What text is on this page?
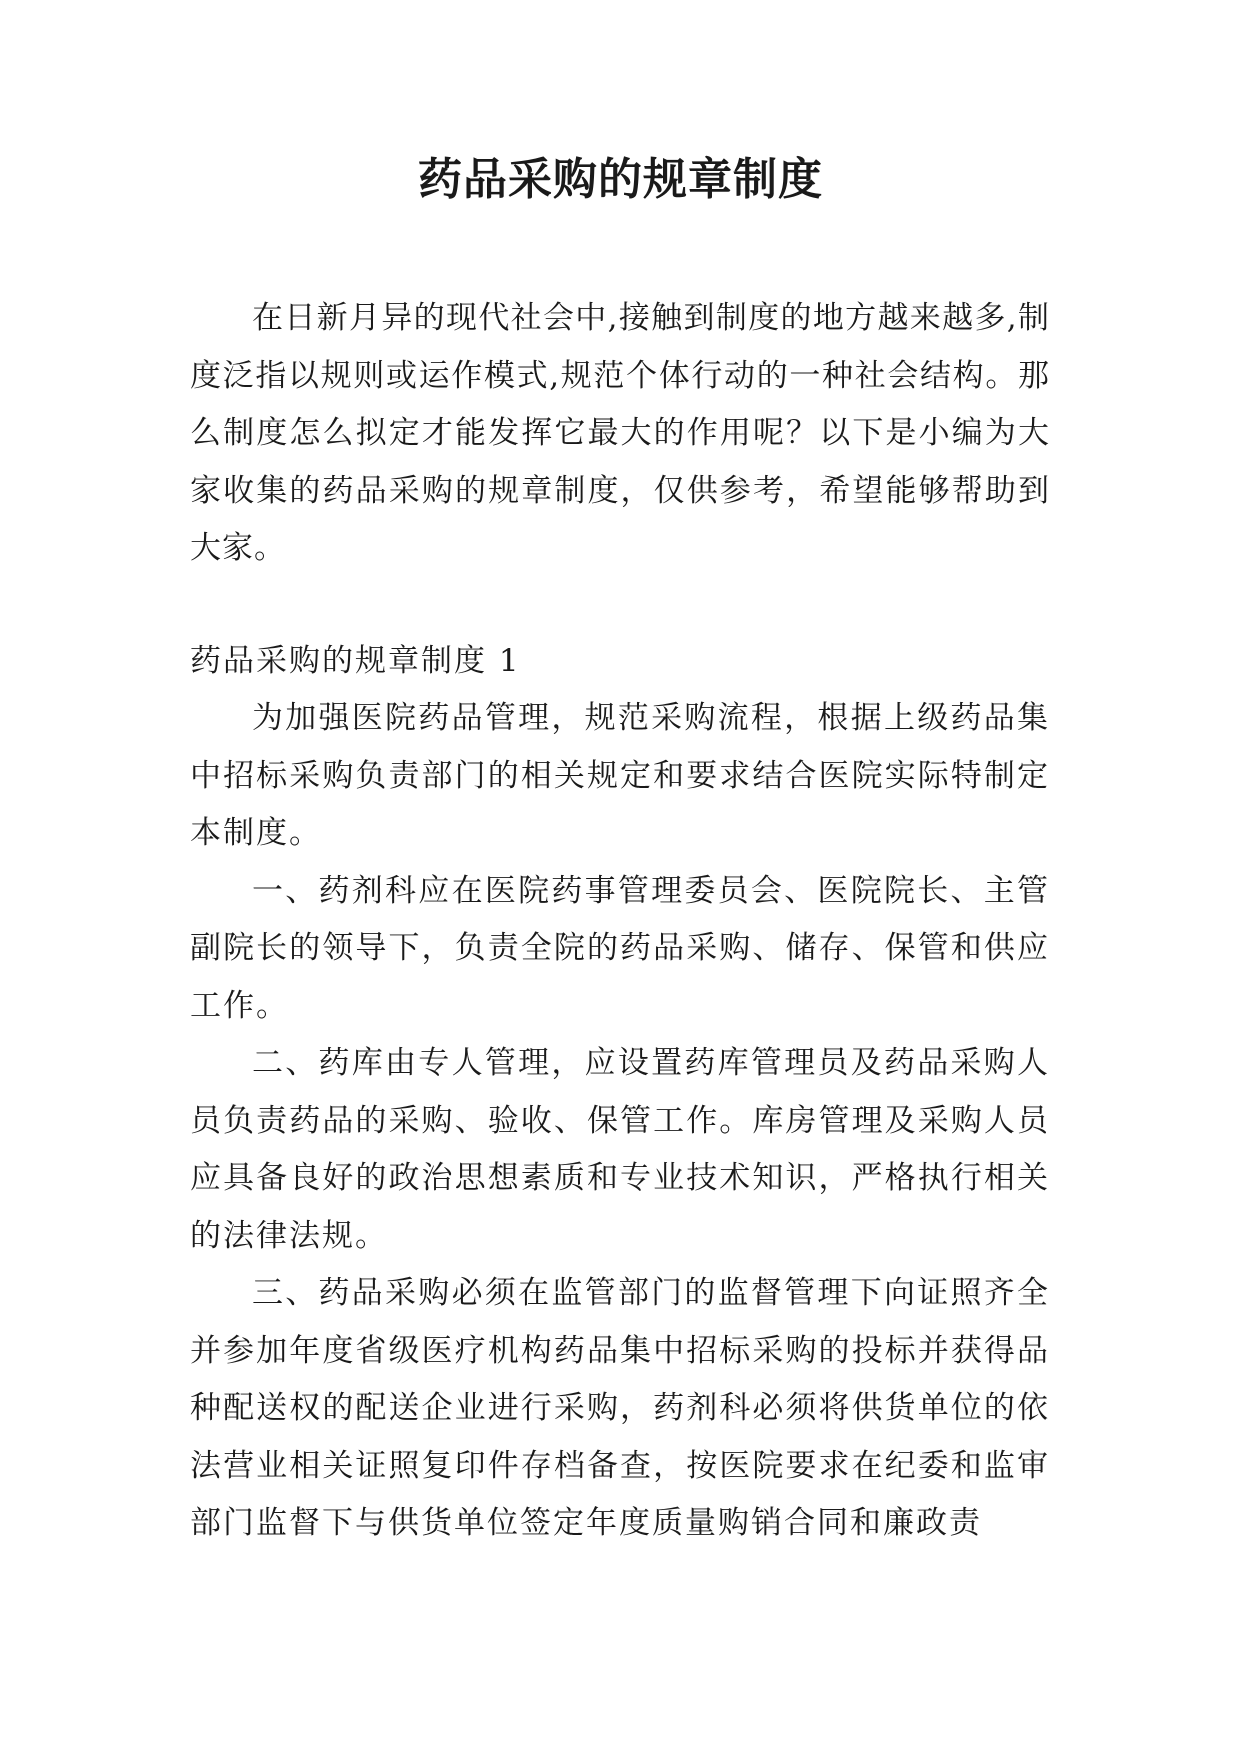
药品采购的规章制度

在日新月异的现代社会中,接触到制度的地方越来越多,制度泛指以规则或运作模式,规范个体行动的一种社会结构。那么制度怎么拟定才能发挥它最大的作用呢？以下是小编为大家收集的药品采购的规章制度，仅供参考，希望能够帮助到大家。

药品采购的规章制度 1

为加强医院药品管理，规范采购流程，根据上级药品集中招标采购负责部门的相关规定和要求结合医院实际特制定本制度。

一、药剂科应在医院药事管理委员会、医院院长、主管副院长的领导下，负责全院的药品采购、储存、保管和供应工作。

二、药库由专人管理，应设置药库管理员及药品采购人员负责药品的采购、验收、保管工作。库房管理及采购人员应具备良好的政治思想素质和专业技术知识，严格执行相关的法律法规。

三、药品采购必须在监管部门的监督管理下向证照齐全并参加年度省级医疗机构药品集中招标采购的投标并获得品种配送权的配送企业进行采购，药剂科必须将供货单位的依法营业相关证照复印件存档备查，按医院要求在纪委和监审部门监督下与供货单位签定年度质量购销合同和廉政责
